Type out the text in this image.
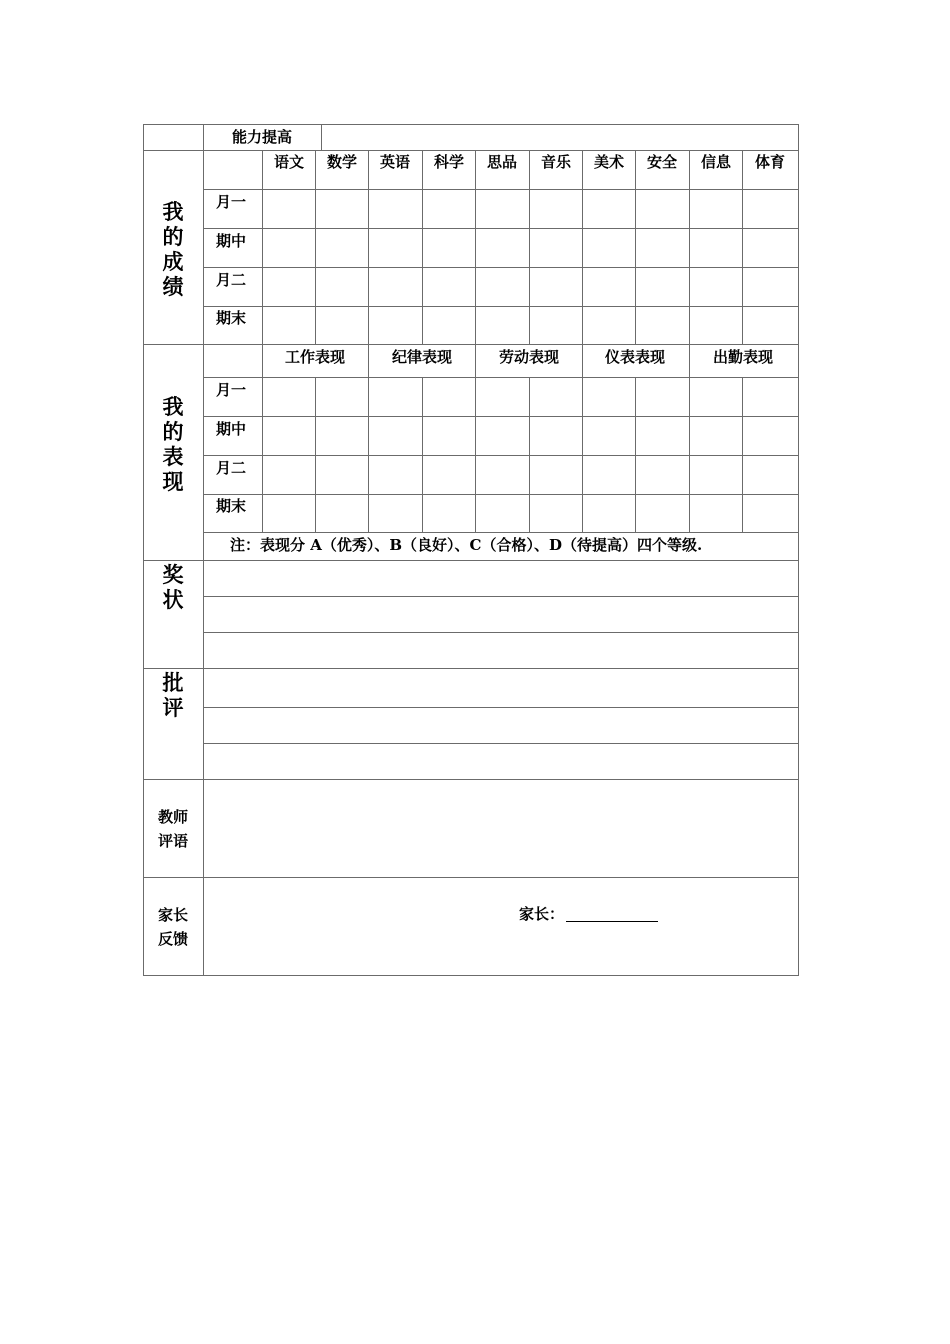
能力提高
我的成绩
语文 数学 英语 科学 思品 音乐 美术 安全 信息 体育
月一
期中
月二
期末
我的表现
工作表现	纪律表现	劳动表现	仪表表现	出勤表现
月一
期中
月二
期末
注：表现分 A（优秀）、B（良好）、C（合格）、D（待提高）四个等级.
奖状
批评
教师评语
家长反馈
家长：
